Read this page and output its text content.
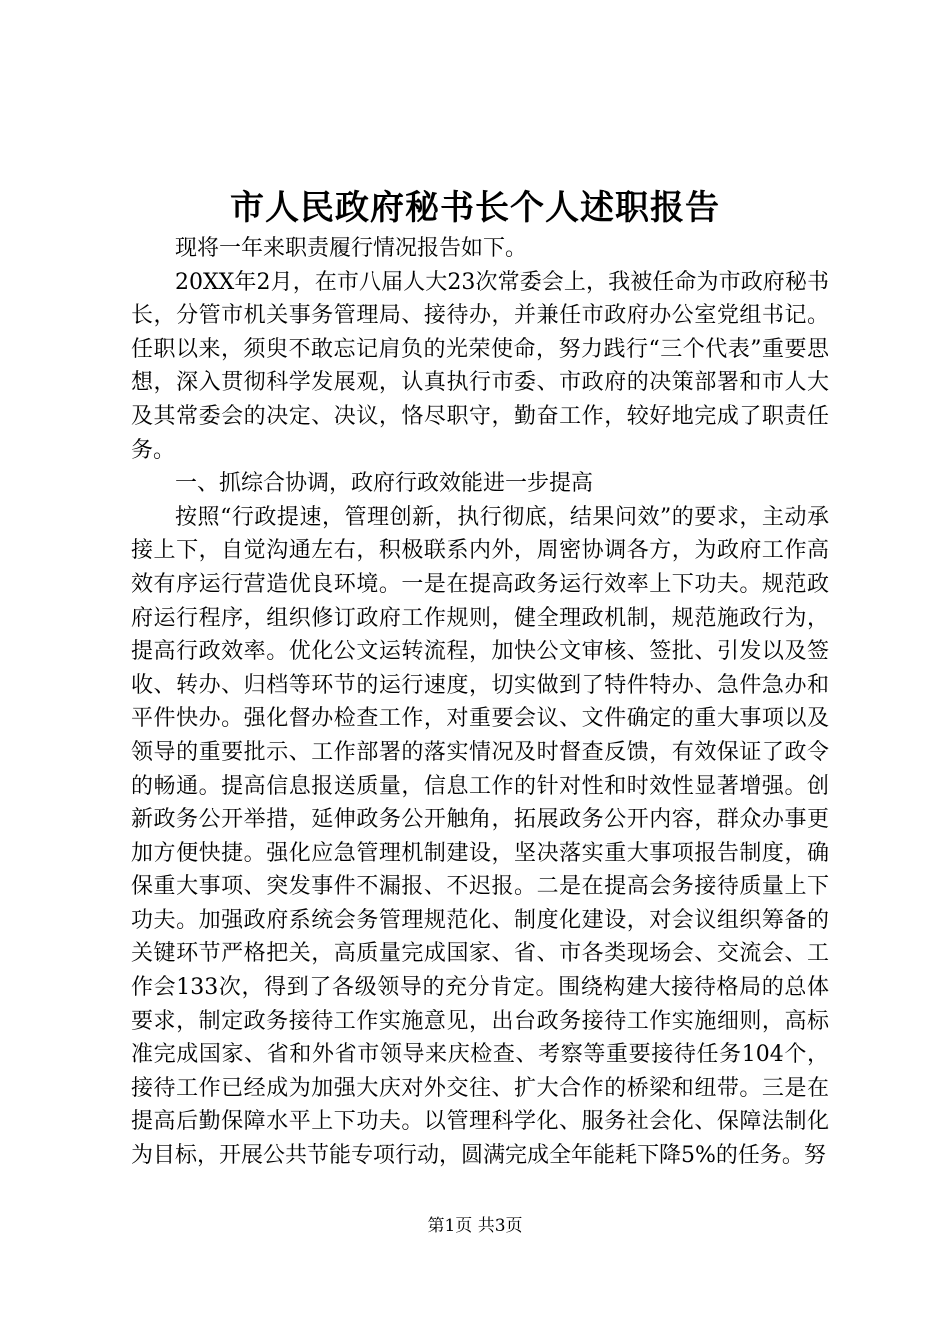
市人民政府秘书长个人述职报告

现将一年来职责履行情况报告如下。

20XX年2月，在市八届人大23次常委会上，我被任命为市政府秘书长，分管市机关事务管理局、接待办，并兼任市政府办公室党组书记。任职以来，须臾不敢忘记肩负的光荣使命，努力践行“三个代表”重要思想，深入贯彻科学发展观，认真执行市委、市政府的决策部署和市人大及其常委会的决定、决议，恪尽职守，勤奋工作，较好地完成了职责任务。

一、抓综合协调，政府行政效能进一步提高

按照“行政提速，管理创新，执行彻底，结果问效”的要求，主动承接上下，自觉沟通左右，积极联系内外，周密协调各方，为政府工作高效有序运行营造优良环境。一是在提高政务运行效率上下功夫。规范政府运行程序，组织修订政府工作规则，健全理政机制，规范施政行为，提高行政效率。优化公文运转流程，加快公文审核、签批、引发以及签收、转办、归档等环节的运行速度，切实做到了特件特办、急件急办和平件快办。强化督办检查工作，对重要会议、文件确定的重大事项以及领导的重要批示、工作部署的落实情况及时督查反馈，有效保证了政令的畅通。提高信息报送质量，信息工作的针对性和时效性显著增强。创新政务公开举措，延伸政务公开触角，拓展政务公开内容，群众办事更加方便快捷。强化应急管理机制建设，坚决落实重大事项报告制度，确保重大事项、突发事件不漏报、不迟报。二是在提高会务接待质量上下功夫。加强政府系统会务管理规范化、制度化建设，对会议组织筹备的关键环节严格把关，高质量完成国家、省、市各类现场会、交流会、工作会133次，得到了各级领导的充分肯定。围绕构建大接待格局的总体要求，制定政务接待工作实施意见，出台政务接待工作实施细则，高标准完成国家、省和外省市领导来庆检查、考察等重要接待任务104个，接待工作已经成为加强大庆对外交往、扩大合作的桥梁和纽带。三是在提高后勤保障水平上下功夫。以管理科学化、服务社会化、保障法制化为目标，开展公共节能专项行动，圆满完成全年能耗下降5%的任务。努

第1页 共3页
